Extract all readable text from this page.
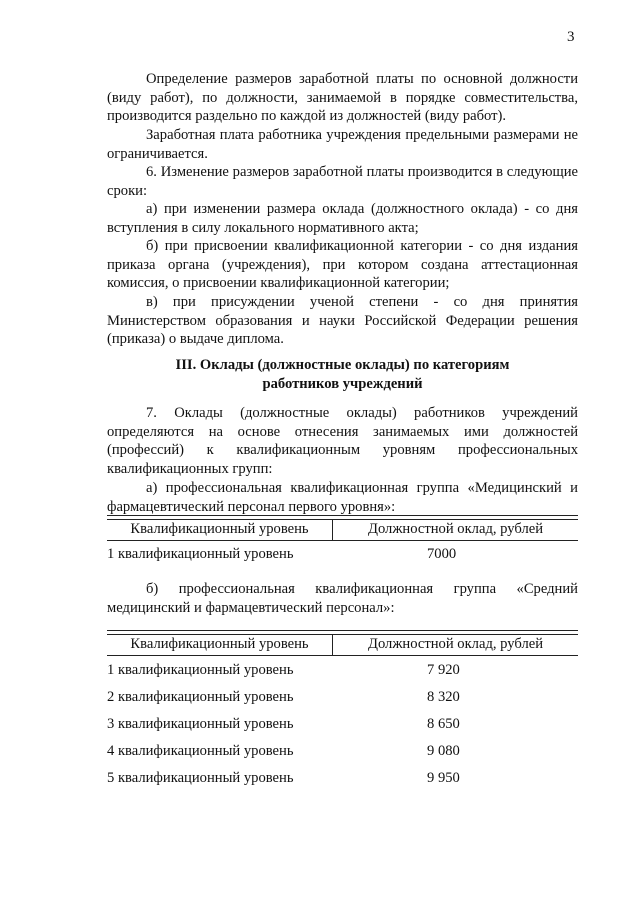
3

Определение размеров заработной платы по основной должности (виду работ), по должности, занимаемой в порядке совместительства, производится раздельно по каждой из должностей (виду работ).

Заработная плата работника учреждения предельными размерами не ограничивается.

6. Изменение размеров заработной платы производится в следующие сроки:

а) при изменении размера оклада (должностного оклада) - со дня вступления в силу локального нормативного акта;

б) при присвоении квалификационной категории - со дня издания приказа органа (учреждения), при котором создана аттестационная комиссия, о присвоении квалификационной категории;

в) при присуждении ученой степени - со дня принятия Министерством образования и науки Российской Федерации решения (приказа) о выдаче диплома.

III. Оклады (должностные оклады) по категориям
работников учреждений

7. Оклады (должностные оклады) работников учреждений определяются на основе отнесения занимаемых ими должностей (профессий) к квалификационным уровням профессиональных квалификационных групп:

а) профессиональная квалификационная группа «Медицинский и фармацевтический персонал первого уровня»:

Квалификационный уровень	Должностной оклад, рублей
1 квалификационный уровень	7000

б) профессиональная квалификационная группа «Средний медицинский и фармацевтический персонал»:

Квалификационный уровень	Должностной оклад, рублей
1 квалификационный уровень	7 920
2 квалификационный уровень	8 320
3 квалификационный уровень	8 650
4 квалификационный уровень	9 080
5 квалификационный уровень	9 950
